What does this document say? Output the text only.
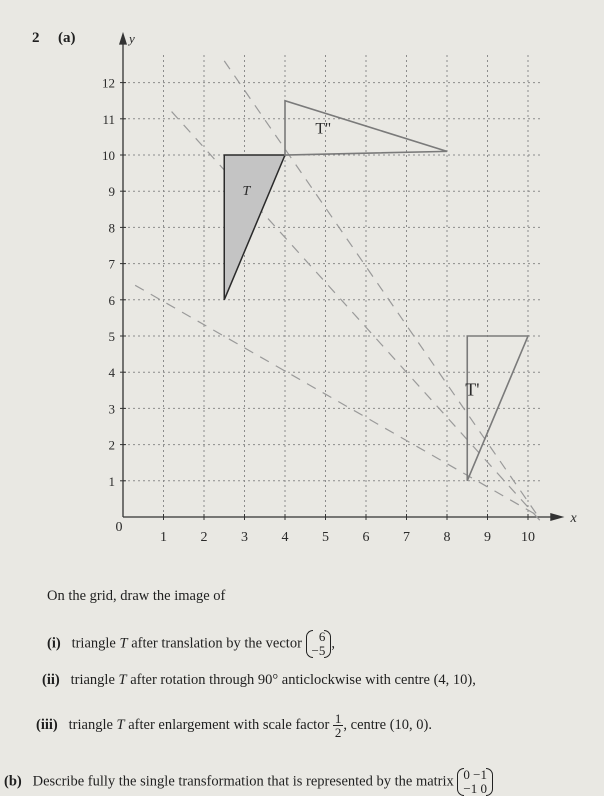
2 (a)
1 2 3 4 5 6 7 8 9 10
1
2
3
4
5
6
7
8
9
10
11
12
0
x
y
T
T'
T''
On the grid, draw the image of
(i) triangle T after translation by the vector	6
−5 ,
(ii) triangle T after rotation through 90° anticlockwise with centre (4, 10),
(iii) triangle T after enlargement with scale factor $\frac{1}{2}$ , centre (10, 0).
(b) Describe fully the single transformation that is represented by the matrix 0 −1
−1 0
